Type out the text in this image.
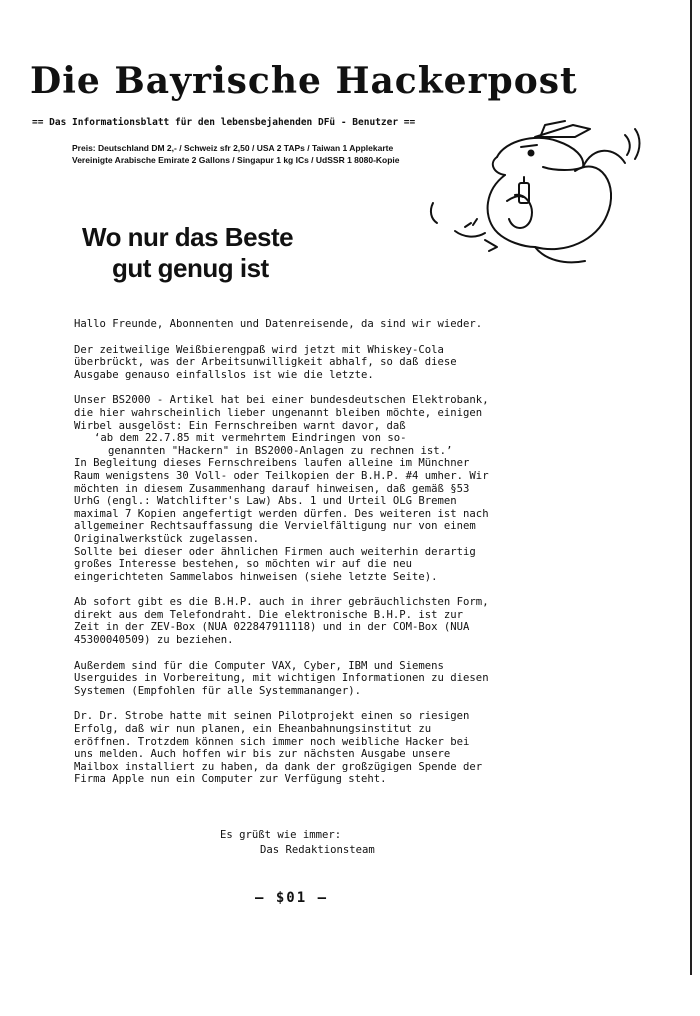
Die Bayrische Hackerpost
== Das Informationsblatt für den lebensbejahenden DFü - Benutzer ==
Preis: Deutschland DM 2,- / Schweiz sfr 2,50 / USA 2 TAPs / Taiwan 1 Applekarte
Vereinigte Arabische Emirate 2 Gallons / Singapur 1 kg ICs / UdSSR 1 8080-Kopie
Wo nur das Beste
gut genug ist

Hallo Freunde, Abonnenten und Datenreisende, da sind wir wieder.

Der zeitweilige Weißbierengpaß wird jetzt mit Whiskey-Cola
überbrückt, was der Arbeitsunwilligkeit abhalf, so daß diese
Ausgabe genauso einfallslos ist wie die letzte.

Unser BS2000 - Artikel hat bei einer bundesdeutschen Elektrobank,
die hier wahrscheinlich lieber ungenannt bleiben möchte, einigen
Wirbel ausgelöst: Ein Fernschreiben warnt davor, daß
‘ab dem 22.7.85 mit vermehrtem Eindringen von so-
genannten "Hackern" in BS2000-Anlagen zu rechnen ist.’
In Begleitung dieses Fernschreibens laufen alleine im Münchner
Raum wenigstens 30 Voll- oder Teilkopien der B.H.P. #4 umher. Wir
möchten in diesem Zusammenhang darauf hinweisen, daß gemäß §53
UrhG (engl.: Watchlifter's Law) Abs. 1 und Urteil OLG Bremen
maximal 7 Kopien angefertigt werden dürfen. Des weiteren ist nach
allgemeiner Rechtsauffassung die Vervielfältigung nur von einem
Originalwerkstück zugelassen.
Sollte bei dieser oder ähnlichen Firmen auch weiterhin derartig
großes Interesse bestehen, so möchten wir auf die neu
eingerichteten Sammelabos hinweisen (siehe letzte Seite).

Ab sofort gibt es die B.H.P. auch in ihrer gebräuchlichsten Form,
direkt aus dem Telefondraht. Die elektronische B.H.P. ist zur
Zeit in der ZEV-Box (NUA 022847911118) und in der COM-Box (NUA
45300040509) zu beziehen.

Außerdem sind für die Computer VAX, Cyber, IBM und Siemens
Userguides in Vorbereitung, mit wichtigen Informationen zu diesen
Systemen (Empfohlen für alle Systemmananger).

Dr. Dr. Strobe hatte mit seinen Pilotprojekt einen so riesigen
Erfolg, daß wir nun planen, ein Eheanbahnungsinstitut zu
eröffnen. Trotzdem können sich immer noch weibliche Hacker bei
uns melden. Auch hoffen wir bis zur nächsten Ausgabe unsere
Mailbox installiert zu haben, da dank der großzügigen Spende der
Firma Apple nun ein Computer zur Verfügung steht.

Es grüßt wie immer:
Das Redaktionsteam
— $01 —
